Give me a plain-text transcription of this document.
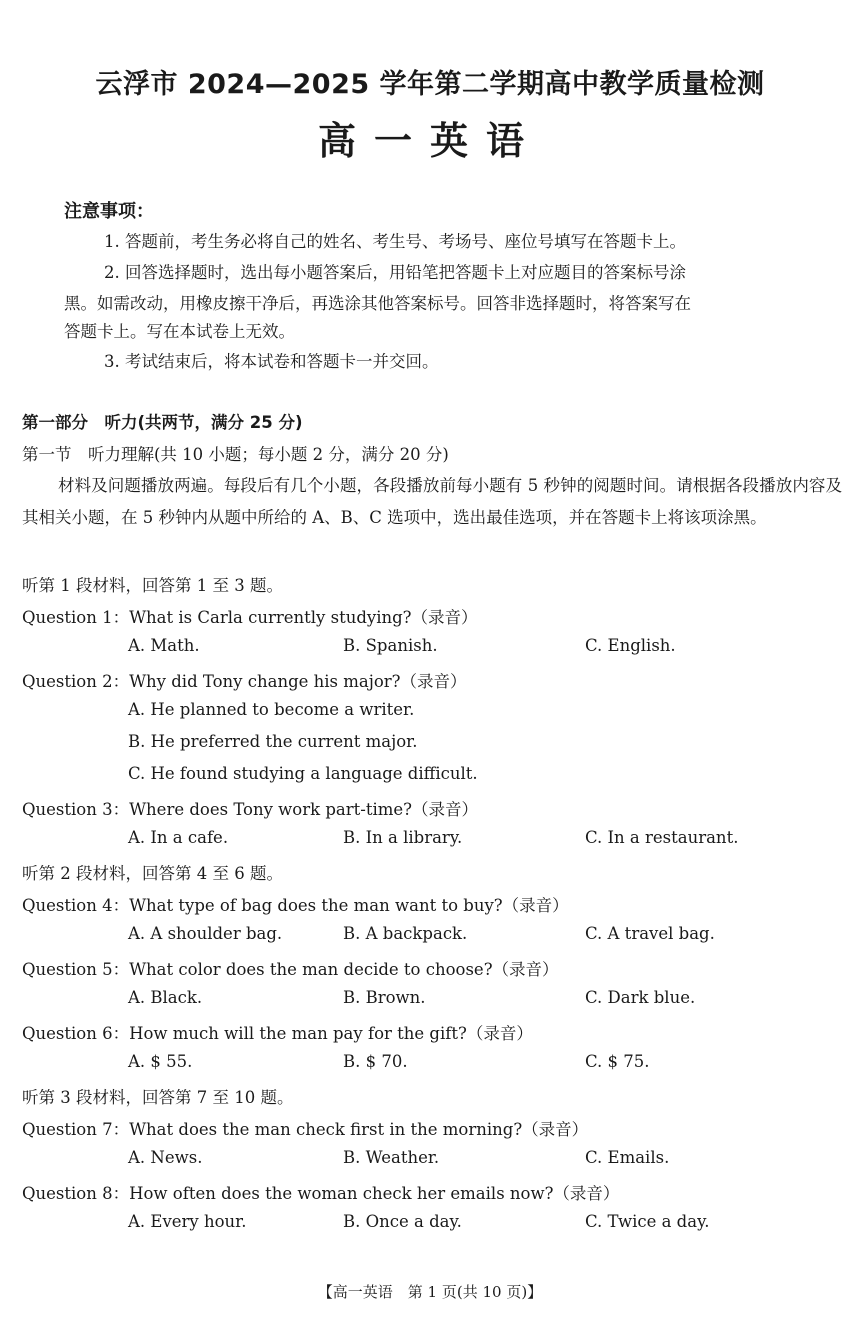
云浮市 2024—2025 学年第二学期高中教学质量检测
高一英语
注意事项：
1. 答题前，考生务必将自己的姓名、考生号、考场号、座位号填写在答题卡上。
2. 回答选择题时，选出每小题答案后，用铅笔把答题卡上对应题目的答案标号涂
黑。如需改动，用橡皮擦干净后，再选涂其他答案标号。回答非选择题时，将答案写在
答题卡上。写在本试卷上无效。
3. 考试结束后，将本试卷和答题卡一并交回。
第一部分　听力(共两节，满分 25 分)
第一节　听力理解(共 10 小题；每小题 2 分，满分 20 分)
材料及问题播放两遍。每段后有几个小题，各段播放前每小题有 5 秒钟的阅题时间。请根据各段播放内容及其相关小题，在 5 秒钟内从题中所给的 A、B、C 选项中，选出最佳选项，并在答题卡上将该项涂黑。
听第 1 段材料，回答第 1 至 3 题。
Question 1：What is Carla currently studying?（录音）
A. Math.	B. Spanish.	C. English.
Question 2：Why did Tony change his major?（录音）
A. He planned to become a writer.
B. He preferred the current major.
C. He found studying a language difficult.
Question 3：Where does Tony work part-time?（录音）
A. In a cafe.	B. In a library.	C. In a restaurant.
听第 2 段材料，回答第 4 至 6 题。
Question 4：What type of bag does the man want to buy?（录音）
A. A shoulder bag.	B. A backpack.	C. A travel bag.
Question 5：What color does the man decide to choose?（录音）
A. Black.	B. Brown.	C. Dark blue.
Question 6：How much will the man pay for the gift?（录音）
A. $ 55.	B. $ 70.	C. $ 75.
听第 3 段材料，回答第 7 至 10 题。
Question 7：What does the man check first in the morning?（录音）
A. News.	B. Weather.	C. Emails.
Question 8：How often does the woman check her emails now?（录音）
A. Every hour.	B. Once a day.	C. Twice a day.
【高一英语　第 1 页(共 10 页)】
